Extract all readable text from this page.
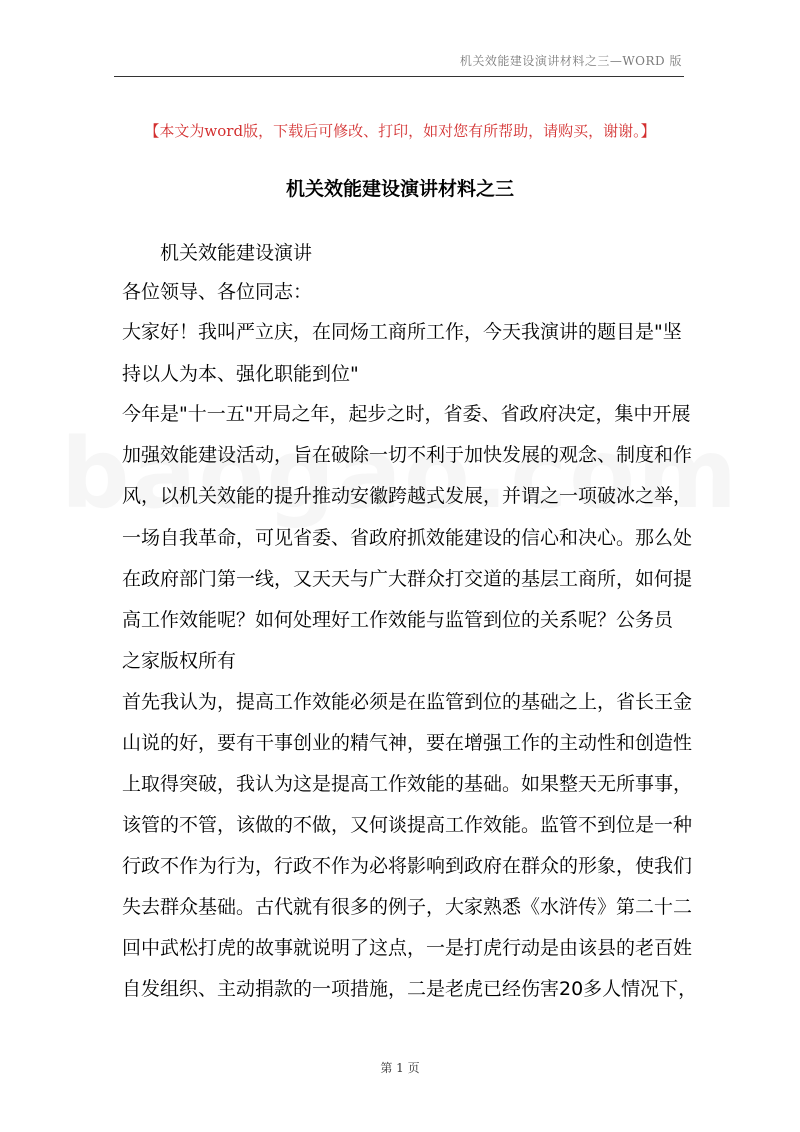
机关效能建设演讲材料之三—WORD 版
【本文为word版，下载后可修改、打印，如对您有所帮助，请购买，谢谢。】
机关效能建设演讲材料之三
机关效能建设演讲
各位领导、各位同志：
大家好！我叫严立庆，在同炀工商所工作，今天我演讲的题目是"坚
持以人为本、强化职能到位"
今年是"十一五"开局之年，起步之时，省委、省政府决定，集中开展
加强效能建设活动，旨在破除一切不利于加快发展的观念、制度和作
风，以机关效能的提升推动安徽跨越式发展，并谓之一项破冰之举，
一场自我革命，可见省委、省政府抓效能建设的信心和决心。那么处
在政府部门第一线，又天天与广大群众打交道的基层工商所，如何提
高工作效能呢？如何处理好工作效能与监管到位的关系呢？公务员
之家版权所有
首先我认为，提高工作效能必须是在监管到位的基础之上，省长王金
山说的好，要有干事创业的精气神，要在增强工作的主动性和创造性
上取得突破，我认为这是提高工作效能的基础。如果整天无所事事，
该管的不管，该做的不做，又何谈提高工作效能。监管不到位是一种
行政不作为行为，行政不作为必将影响到政府在群众的形象，使我们
失去群众基础。古代就有很多的例子，大家熟悉《水浒传》第二十二
回中武松打虎的故事就说明了这点，一是打虎行动是由该县的老百姓
自发组织、主动捐款的一项措施，二是老虎已经伤害20多人情况下，
第 1 页
